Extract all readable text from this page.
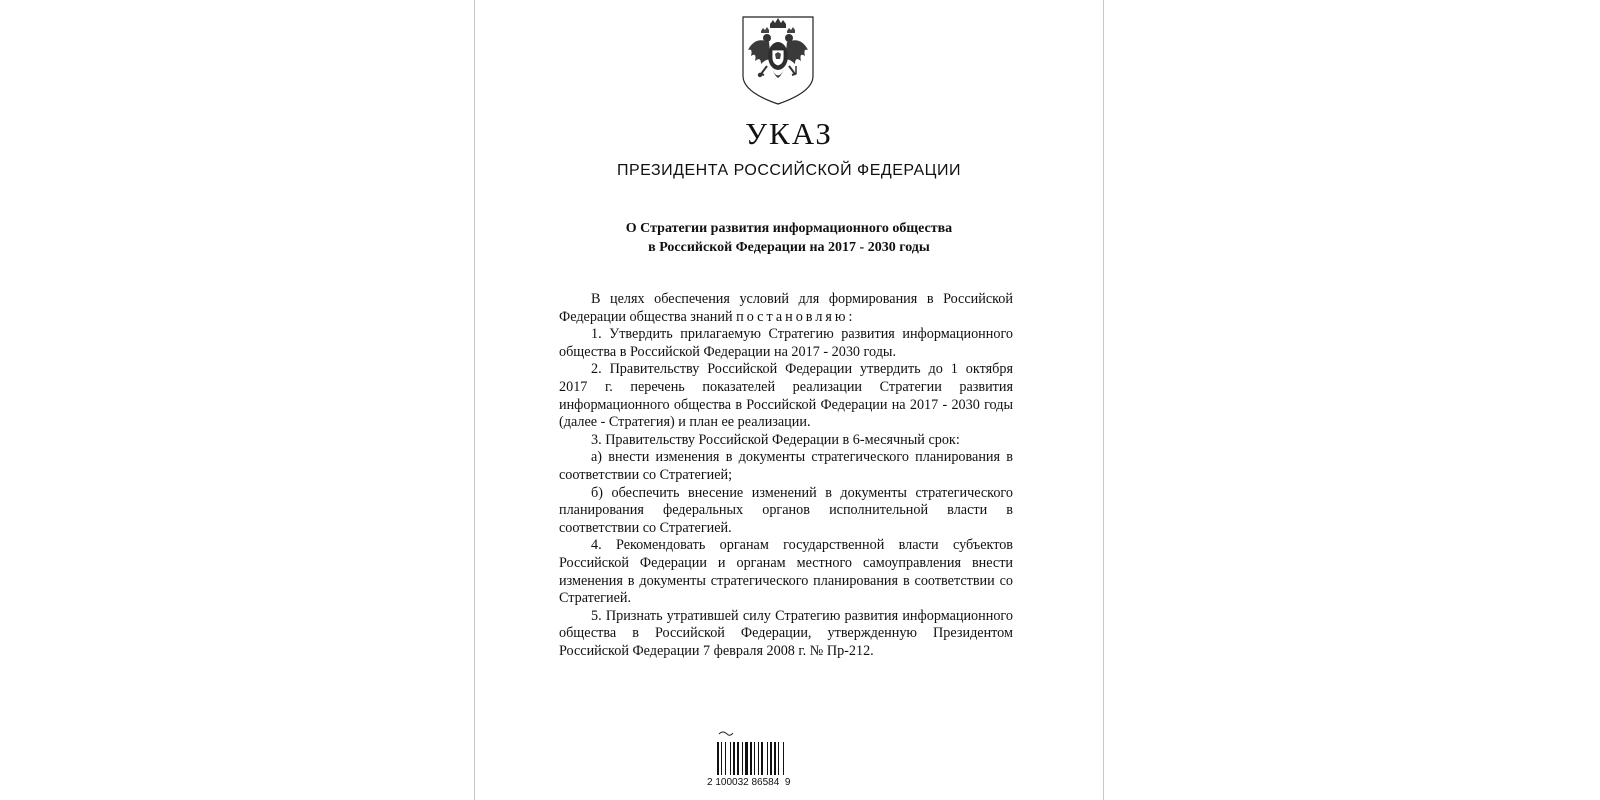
УКАЗ
ПРЕЗИДЕНТА РОССИЙСКОЙ ФЕДЕРАЦИИ
О Стратегии развития информационного общества
в Российской Федерации на 2017 - 2030 годы

В целях обеспечения условий для формирования в Российской Федерации общества знаний постановляю:

1. Утвердить прилагаемую Стратегию развития информационного общества в Российской Федерации на 2017 - 2030 годы.

2. Правительству Российской Федерации утвердить до 1 октября 2017 г. перечень показателей реализации Стратегии развития информационного общества в Российской Федерации на 2017 - 2030 годы (далее - Стратегия) и план ее реализации.

3. Правительству Российской Федерации в 6-месячный срок:

а) внести изменения в документы стратегического планирования в соответствии со Стратегией;

б) обеспечить внесение изменений в документы стратегического планирования федеральных органов исполнительной власти в соответствии со Стратегией.

4. Рекомендовать органам государственной власти субъектов Российской Федерации и органам местного самоуправления внести изменения в документы стратегического планирования в соответствии со Стратегией.

5. Признать утратившей силу Стратегию развития информационного общества в Российской Федерации, утвержденную Президентом Российской Федерации 7 февраля 2008 г. № Пр-212.

2 100032 86584  9
